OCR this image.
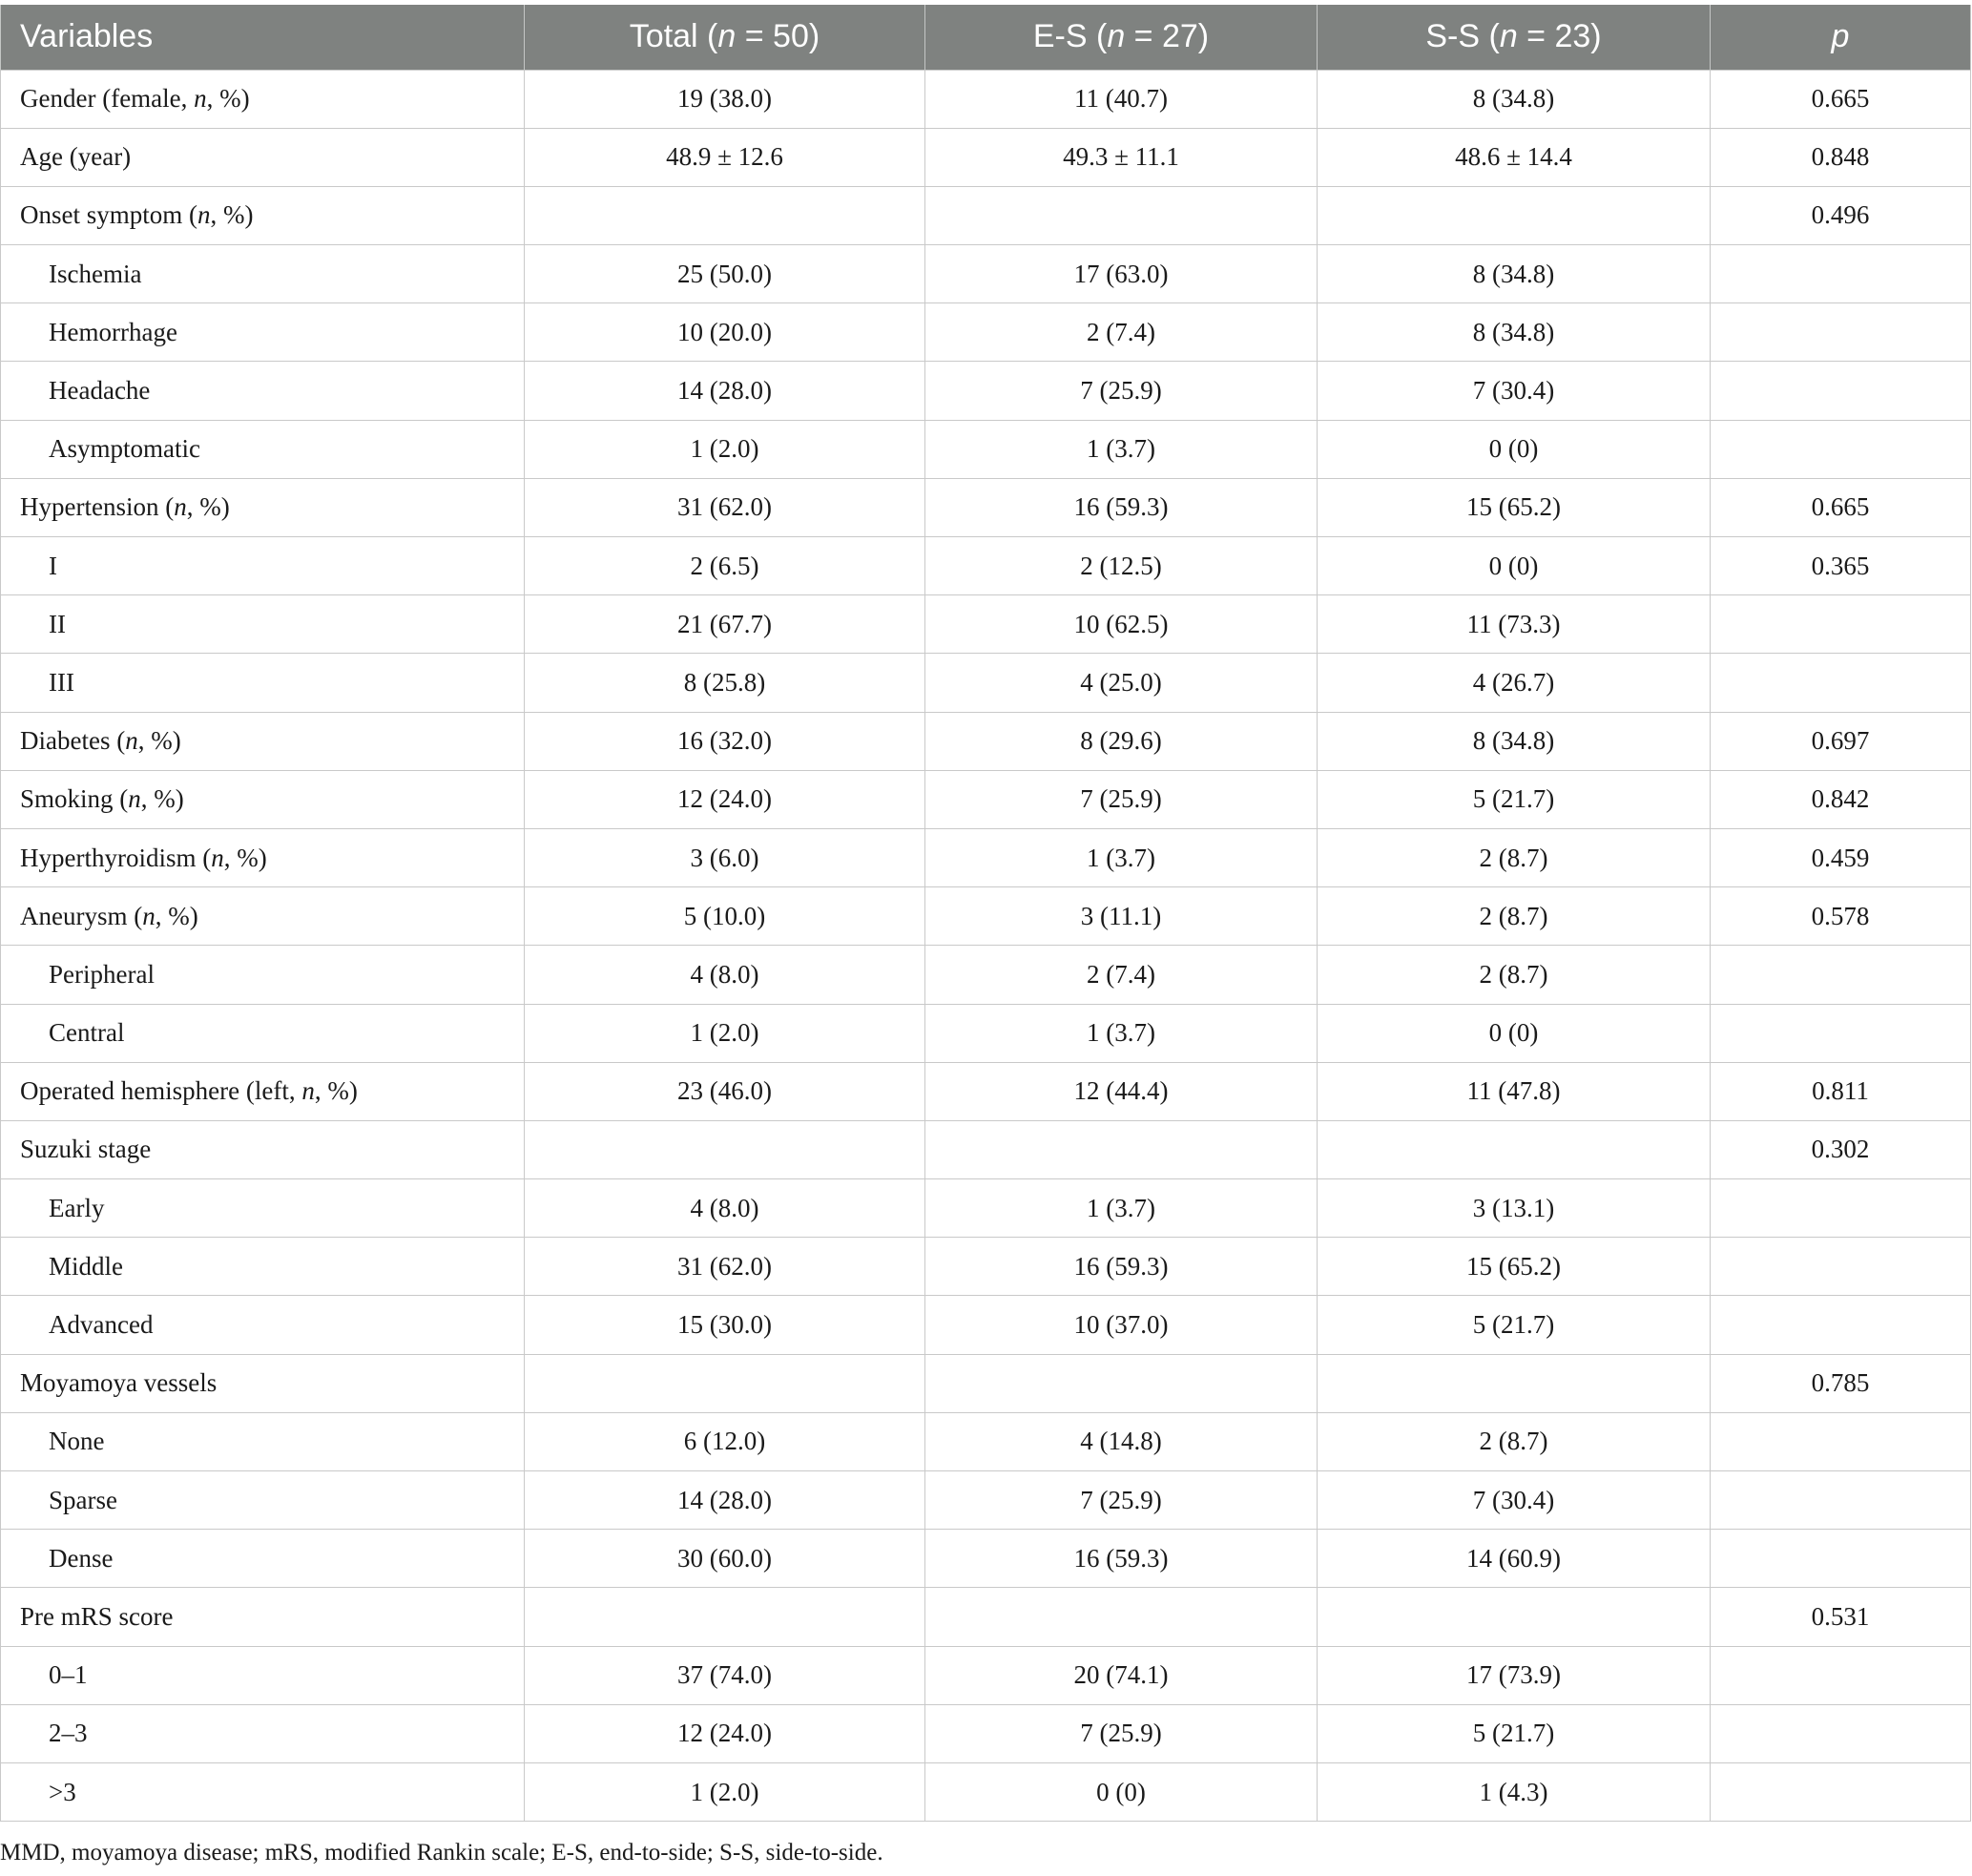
Variables	Total (n = 50)	E-S (n = 27)	S-S (n = 23)	p
Gender (female, n, %)	19 (38.0)	11 (40.7)	8 (34.8)	0.665
Age (year)	48.9 ± 12.6	49.3 ± 11.1	48.6 ± 14.4	0.848
Onset symptom (n, %)				0.496
Ischemia	25 (50.0)	17 (63.0)	8 (34.8)	
Hemorrhage	10 (20.0)	2 (7.4)	8 (34.8)	
Headache	14 (28.0)	7 (25.9)	7 (30.4)	
Asymptomatic	1 (2.0)	1 (3.7)	0 (0)	
Hypertension (n, %)	31 (62.0)	16 (59.3)	15 (65.2)	0.665
I	2 (6.5)	2 (12.5)	0 (0)	0.365
II	21 (67.7)	10 (62.5)	11 (73.3)	
III	8 (25.8)	4 (25.0)	4 (26.7)	
Diabetes (n, %)	16 (32.0)	8 (29.6)	8 (34.8)	0.697
Smoking (n, %)	12 (24.0)	7 (25.9)	5 (21.7)	0.842
Hyperthyroidism (n, %)	3 (6.0)	1 (3.7)	2 (8.7)	0.459
Aneurysm (n, %)	5 (10.0)	3 (11.1)	2 (8.7)	0.578
Peripheral	4 (8.0)	2 (7.4)	2 (8.7)	
Central	1 (2.0)	1 (3.7)	0 (0)	
Operated hemisphere (left, n, %)	23 (46.0)	12 (44.4)	11 (47.8)	0.811
Suzuki stage				0.302
Early	4 (8.0)	1 (3.7)	3 (13.1)	
Middle	31 (62.0)	16 (59.3)	15 (65.2)	
Advanced	15 (30.0)	10 (37.0)	5 (21.7)	
Moyamoya vessels				0.785
None	6 (12.0)	4 (14.8)	2 (8.7)	
Sparse	14 (28.0)	7 (25.9)	7 (30.4)	
Dense	30 (60.0)	16 (59.3)	14 (60.9)	
Pre mRS score				0.531
0–1	37 (74.0)	20 (74.1)	17 (73.9)	
2–3	12 (24.0)	7 (25.9)	5 (21.7)	
>3	1 (2.0)	0 (0)	1 (4.3)	
MMD, moyamoya disease; mRS, modified Rankin scale; E-S, end-to-side; S-S, side-to-side.
